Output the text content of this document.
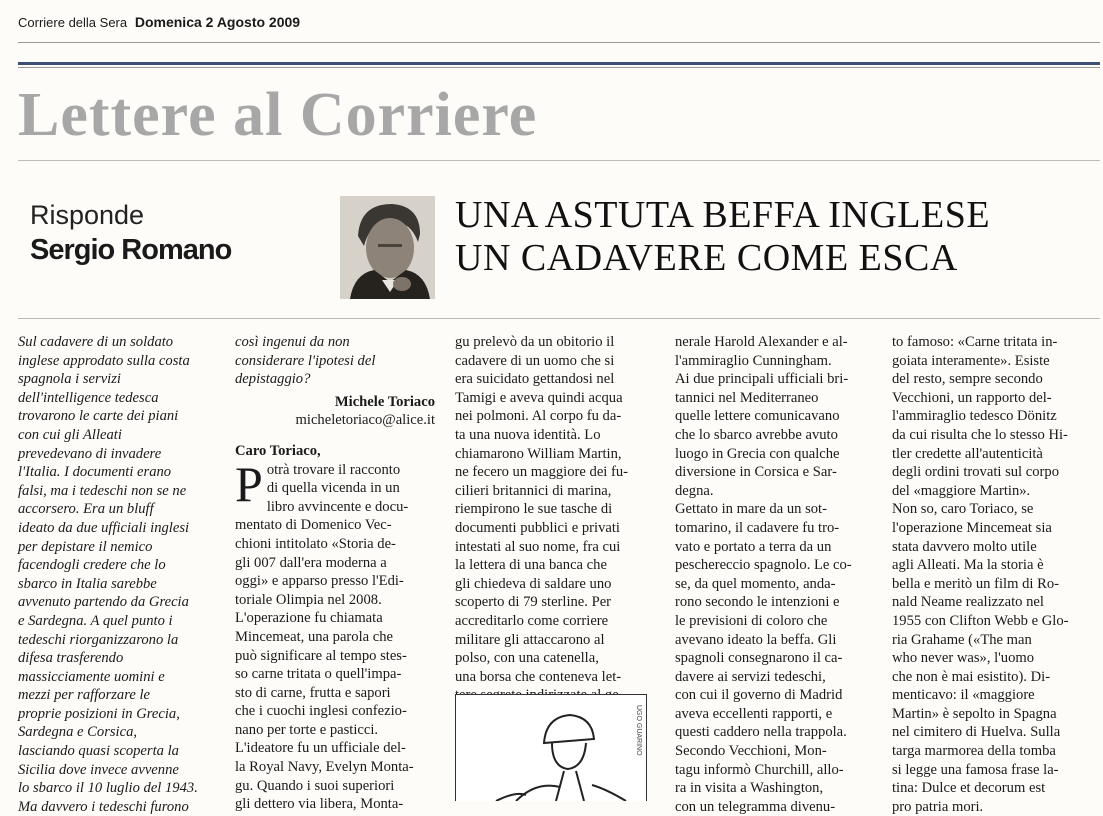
Corriere della Sera Domenica 2 Agosto 2009
Lettere al Corriere
Risponde
Sergio Romano
UNA ASTUTA BEFFA INGLESE
UN CADAVERE COME ESCA

Sul cadavere di un soldato

inglese approdato sulla costa

spagnola i servizi

dell'intelligence tedesca

trovarono le carte dei piani

con cui gli Alleati

prevedevano di invadere

l'Italia. I documenti erano

falsi, ma i tedeschi non se ne

accorsero. Era un bluff

ideato da due ufficiali inglesi

per depistare il nemico

facendogli credere che lo

sbarco in Italia sarebbe

avvenuto partendo da Grecia

e Sardegna. A quel punto i

tedeschi riorganizzarono la

difesa trasferendo

massicciamente uomini e

mezzi per rafforzare le

proprie posizioni in Grecia,

Sardegna e Corsica,

lasciando quasi scoperta la

Sicilia dove invece avvenne

lo sbarco il 10 luglio del 1943.

Ma davvero i tedeschi furono

così ingenui da non

considerare l'ipotesi del

depistaggio?

Michele Toriaco

micheletoriaco@alice.it

Caro Toriaco,

P otrà trovare il racconto

di quella vicenda in un

libro avvincente e docu-

mentato di Domenico Vec-

chioni intitolato «Storia de-

gli 007 dall'era moderna a

oggi» e apparso presso l'Edi-

toriale Olimpia nel 2008.

L'operazione fu chiamata

Mincemeat, una parola che

può significare al tempo stes-

so carne tritata o quell'impa-

sto di carne, frutta e sapori

che i cuochi inglesi confezio-

nano per torte e pasticci.

L'ideatore fu un ufficiale del-

la Royal Navy, Evelyn Monta-

gu. Quando i suoi superiori

gli dettero via libera, Monta-

gu prelevò da un obitorio il

cadavere di un uomo che si

era suicidato gettandosi nel

Tamigi e aveva quindi acqua

nei polmoni. Al corpo fu da-

ta una nuova identità. Lo

chiamarono William Martin,

ne fecero un maggiore dei fu-

cilieri britannici di marina,

riempirono le sue tasche di

documenti pubblici e privati

intestati al suo nome, fra cui

la lettera di una banca che

gli chiedeva di saldare uno

scoperto di 79 sterline. Per

accreditarlo come corriere

militare gli attaccarono al

polso, con una catenella,

una borsa che conteneva let-

UGO GUARINO

nerale Harold Alexander e al-

l'ammiraglio Cunningham.

Ai due principali ufficiali bri-

tannici nel Mediterraneo

quelle lettere comunicavano

che lo sbarco avrebbe avuto

luogo in Grecia con qualche

diversione in Corsica e Sar-

degna.

Gettato in mare da un sot-

tomarino, il cadavere fu tro-

vato e portato a terra da un

peschereccio spagnolo. Le co-

se, da quel momento, anda-

rono secondo le intenzioni e

le previsioni di coloro che

avevano ideato la beffa. Gli

spagnoli consegnarono il ca-

davere ai servizi tedeschi,

con cui il governo di Madrid

aveva eccellenti rapporti, e

questi caddero nella trappola.

Secondo Vecchioni, Mon-

tagu informò Churchill, allo-

ra in visita a Washington,

con un telegramma divenu-

to famoso: «Carne tritata in-

goiata interamente». Esiste

del resto, sempre secondo

Vecchioni, un rapporto del-

l'ammiraglio tedesco Dönitz

da cui risulta che lo stesso Hi-

tler credette all'autenticità

degli ordini trovati sul corpo

del «maggiore Martin».

Non so, caro Toriaco, se

l'operazione Mincemeat sia

stata davvero molto utile

agli Alleati. Ma la storia è

bella e meritò un film di Ro-

nald Neame realizzato nel

1955 con Clifton Webb e Glo-

ria Grahame («The man

who never was», l'uomo

che non è mai esistito). Di-

menticavo: il «maggiore

Martin» è sepolto in Spagna

nel cimitero di Huelva. Sulla

targa marmorea della tomba

si legge una famosa frase la-

tina: Dulce et decorum est

pro patria mori.
